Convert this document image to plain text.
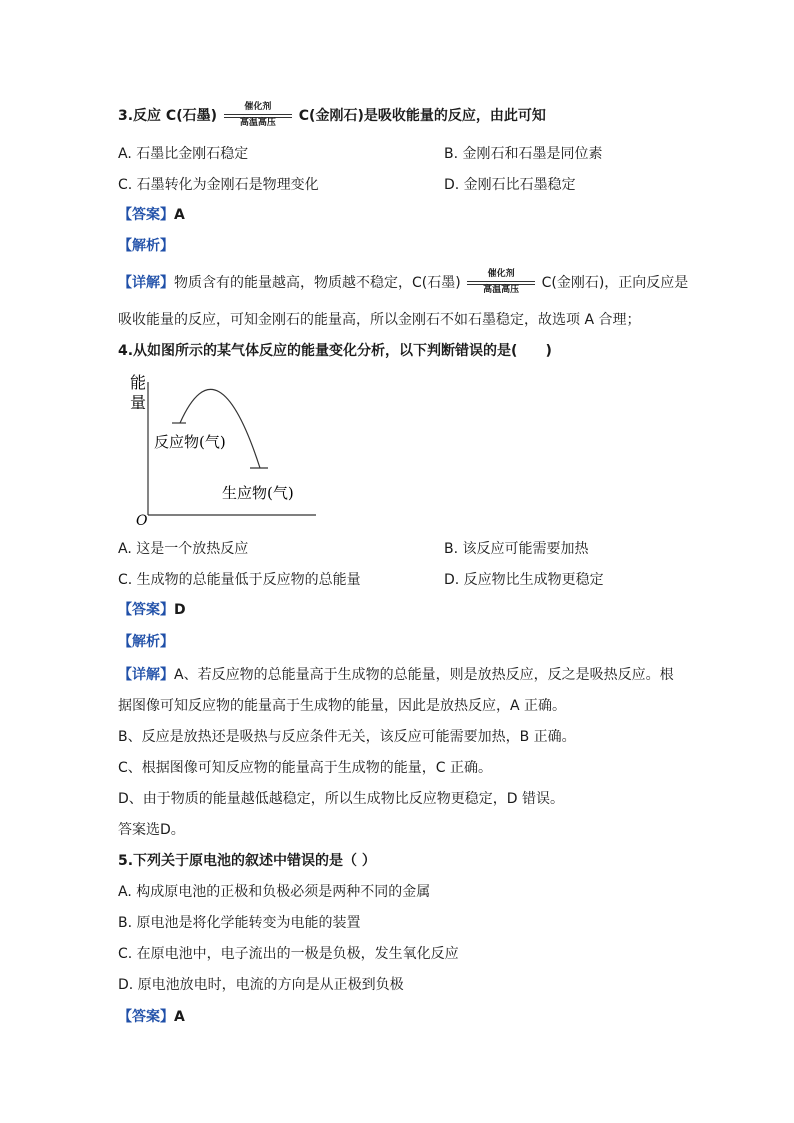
3.反应 C(石墨)
催化剂
高温高压	C(金刚石)是吸收能量的反应，由此可知
A. 石墨比金刚石稳定	B. 金刚石和石墨是同位素
C. 石墨转化为金刚石是物理变化	D. 金刚石比石墨稳定
【答案】A
【解析】
【详解】物质含有的能量越高，物质越不稳定，C(石墨)
催化剂
高温高压	C(金刚石)，正向反应是
吸收能量的反应，可知金刚石的能量高，所以金刚石不如石墨稳定，故选项 A 合理；
4.从如图所示的某气体反应的能量变化分析，以下判断错误的是(　　)
能
量
O
反应物(气)
生应物(气)
A. 这是一个放热反应	B. 该反应可能需要加热
C. 生成物的总能量低于反应物的总能量	D. 反应物比生成物更稳定
【答案】D
【解析】
【详解】A、若反应物的总能量高于生成物的总能量，则是放热反应，反之是吸热反应。根
据图像可知反应物的能量高于生成物的能量，因此是放热反应，A 正确。
B、反应是放热还是吸热与反应条件无关，该反应可能需要加热，B 正确。
C、根据图像可知反应物的能量高于生成物的能量，C 正确。
D、由于物质的能量越低越稳定，所以生成物比反应物更稳定，D 错误。
答案选D。
5.下列关于原电池的叙述中错误的是（ ）
A. 构成原电池的正极和负极必须是两种不同的金属
B. 原电池是将化学能转变为电能的装置
C. 在原电池中，电子流出的一极是负极，发生氧化反应
D. 原电池放电时，电流的方向是从正极到负极
【答案】A
